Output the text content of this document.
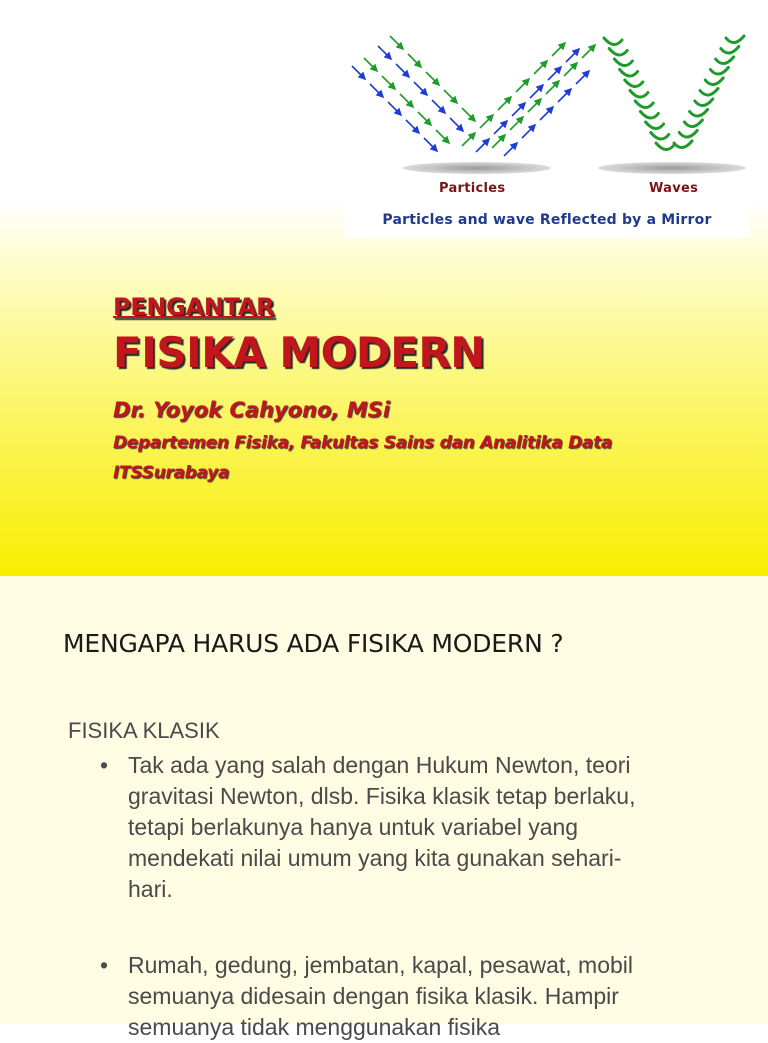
Particles	Waves
Particles and wave Reflected by a Mirror
PENGANTAR
FISIKA MODERN
Dr. Yoyok Cahyono, MSi
Departemen Fisika, Fakultas Sains dan Analitika Data
ITSSurabaya
MENGAPA HARUS ADA FISIKA MODERN ?
FISIKA KLASIK
• Tak ada yang salah dengan Hukum Newton, teori gravitasi Newton, dlsb. Fisika klasik tetap berlaku, tetapi berlakunya hanya untuk variabel yang mendekati nilai umum yang kita gunakan sehari-hari.
• Rumah, gedung, jembatan, kapal, pesawat, mobil semuanya didesain dengan fisika klasik. Hampir semuanya tidak menggunakan fisika
